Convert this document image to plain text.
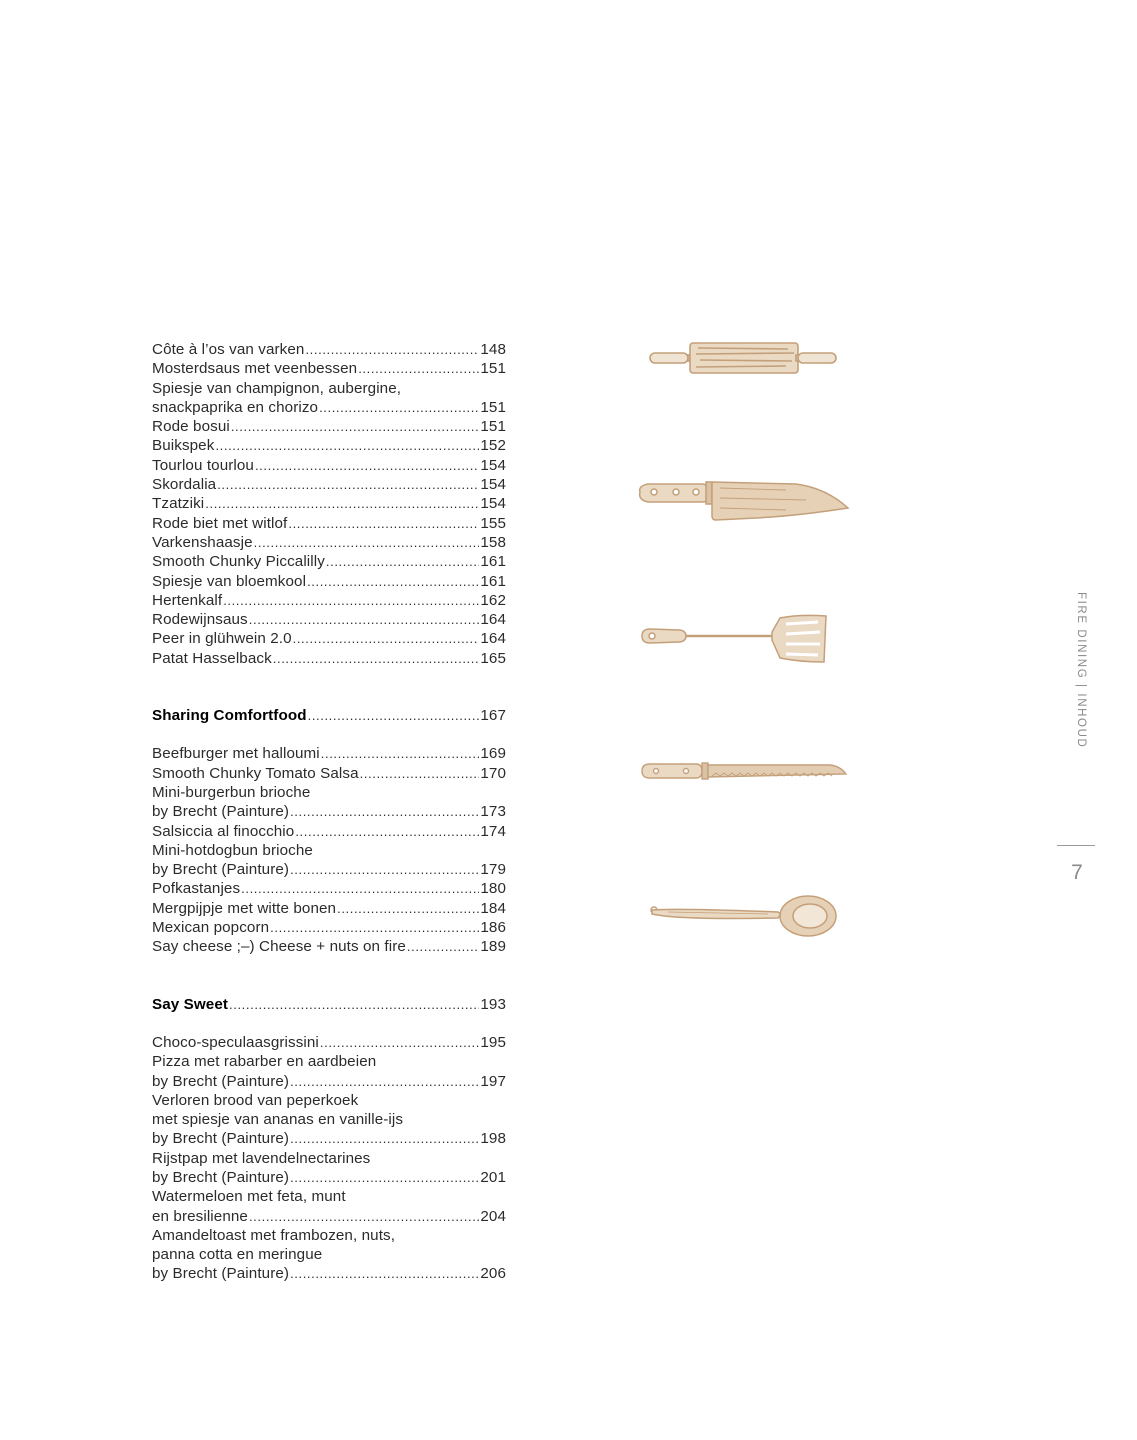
Côte à l’os van varken .....	148
Mosterdsaus met veenbessen .....	151
Spiesje van champignon, aubergine,
snackpaprika en chorizo .....	151
Rode bosui .....	151
Buikspek .....	152
Tourlou tourlou .....	154
Skordalia .....	154
Tzatziki .....	154
Rode biet met witlof .....	155
Varkenshaasje .....	158
Smooth Chunky Piccalilly .....	161
Spiesje van bloemkool .....	161
Hertenkalf .....	162
Rodewijnsaus .....	164
Peer in glühwein 2.0 .....	164
Patat Hasselback .....	165
Sharing Comfortfood .....	167
Beefburger met halloumi .....	169
Smooth Chunky Tomato Salsa .....	170
Mini-burgerbun brioche
by Brecht (Painture) .....	173
Salsiccia al finocchio .....	174
Mini-hotdogbun brioche
by Brecht (Painture) .....	179
Pofkastanjes .....	180
Mergpijpje met witte bonen .....	184
Mexican popcorn .....	186
Say cheese ;–) Cheese + nuts on fire .....	189
Say Sweet .....	193
Choco-speculaasgrissini .....	195
Pizza met rabarber en aardbeien
by Brecht (Painture) .....	197
Verloren brood van peperkoek
met spiesje van ananas en vanille-ijs
by Brecht (Painture) .....	198
Rijstpap met lavendelnectarines
by Brecht (Painture) .....	201
Watermeloen met feta, munt
en bresilienne .....	204
Amandeltoast met frambozen, nuts,
panna cotta en meringue
by Brecht (Painture) .....	206
FIRE DINING | INHOUD
7
